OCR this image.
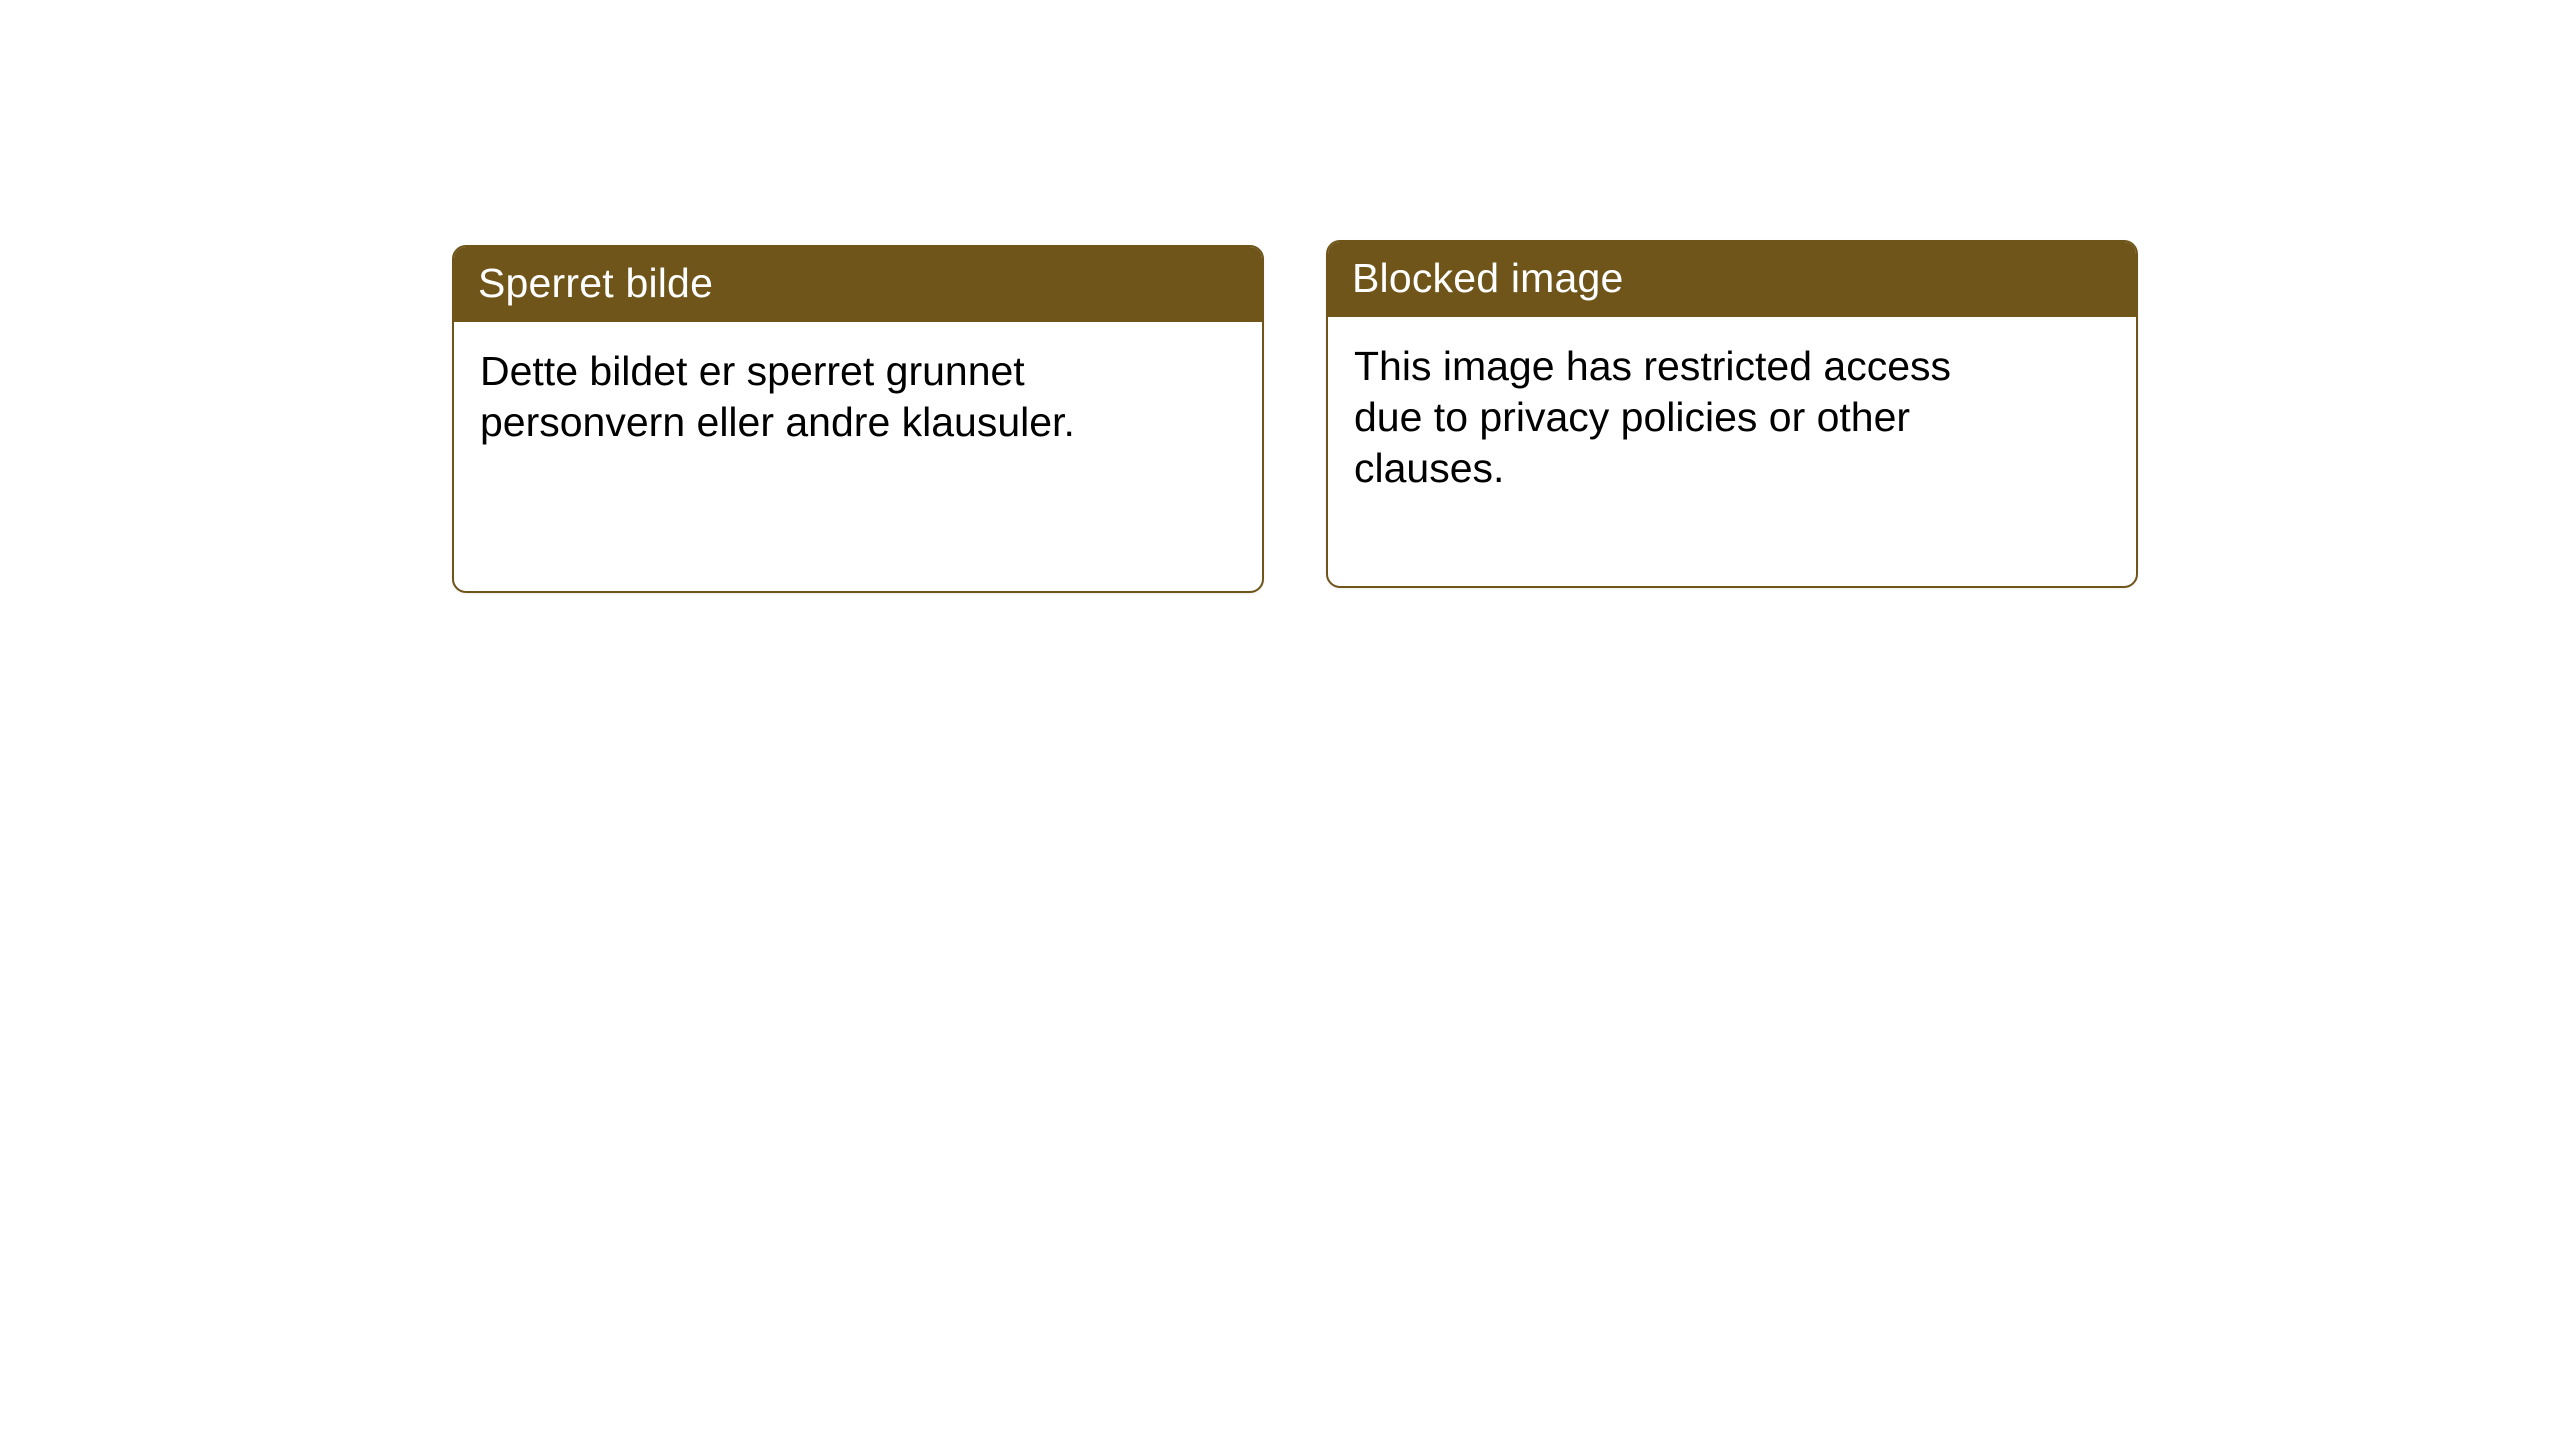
Sperret bilde
Dette bildet er sperret grunnet personvern eller andre klausuler.
Blocked image
This image has restricted access due to privacy policies or other clauses.
